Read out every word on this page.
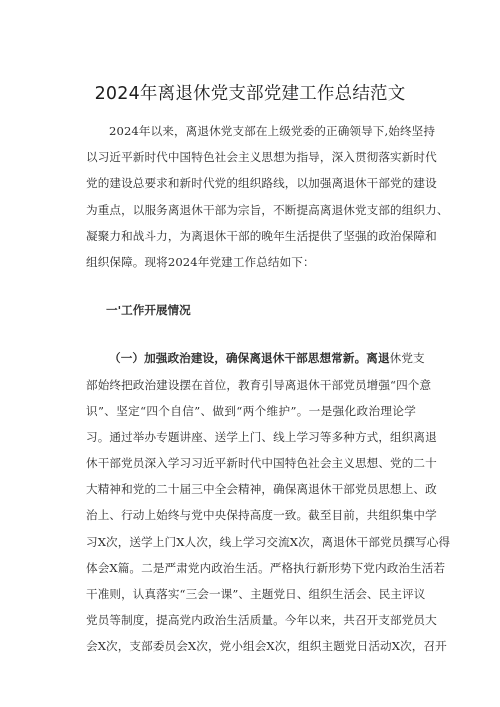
2024年离退休党支部党建工作总结范文
2024年以来，离退休党支部在上级党委的正确领导下,始终坚持
以习近平新时代中国特色社会主义思想为指导，深入贯彻落实新时代
党的建设总要求和新时代党的组织路线，以加强离退休干部党的建设
为重点，以服务离退休干部为宗旨，不断提高离退休党支部的组织力、
凝聚力和战斗力，为离退休干部的晚年生活提供了坚强的政治保障和
组织保障。现将2024年党建工作总结如下：
一'工作开展情况
（一）加强政治建设，确保离退休干部思想常新。离退休党支
部始终把政治建设摆在首位，教育引导离退休干部党员增强“四个意
识”、坚定“四个自信”、做到“两个维护”。一是强化政治理论学
习。通过举办专题讲座、送学上门、线上学习等多种方式，组织离退
休干部党员深入学习习近平新时代中国特色社会主义思想、党的二十
大精神和党的二十届三中全会精神，确保离退休干部党员思想上、政
治上、行动上始终与党中央保持高度一致。截至目前，共组织集中学
习X次，送学上门X人次，线上学习交流X次，离退休干部党员撰写心得
体会X篇。二是严肃党内政治生活。严格执行新形势下党内政治生活若
干准则，认真落实“三会一课”、主题党日、组织生活会、民主评议
党员等制度，提高党内政治生活质量。今年以来，共召开支部党员大
会X次，支部委员会X次，党小组会X次，组织主题党日活动X次，召开
